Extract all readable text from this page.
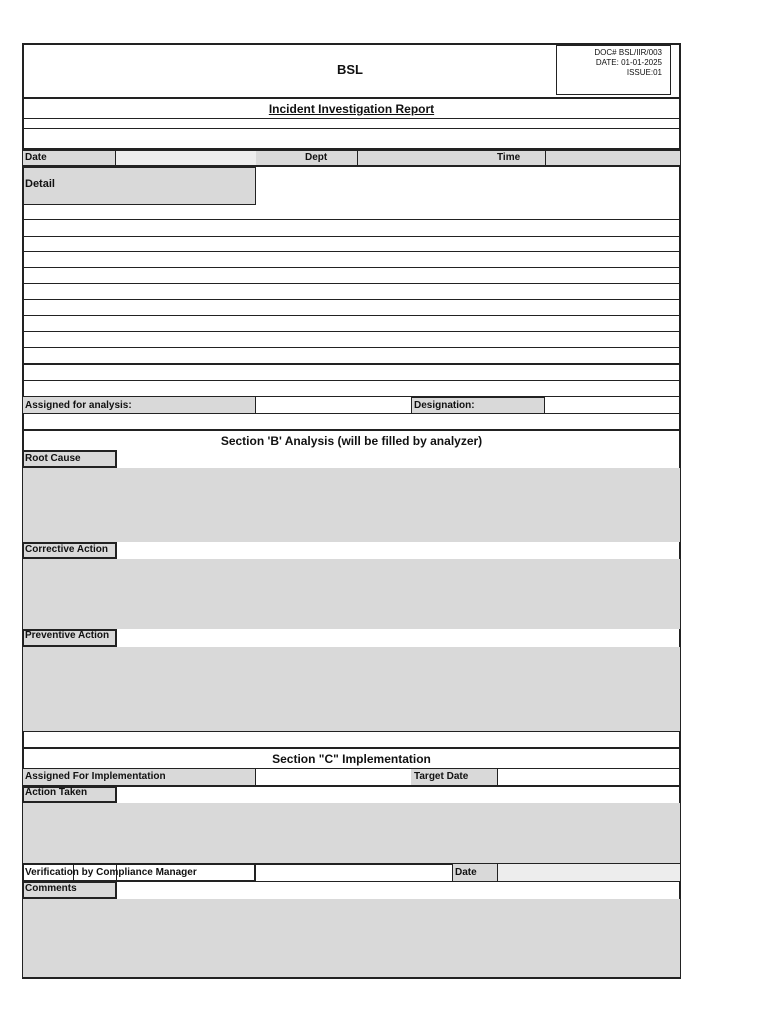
BSL
DOC# BSL/IIR/003
DATE: 01-01-2025
ISSUE:01
Incident Investigation Report
Date	Dept	Time
Detail
Assigned for analysis:	Designation:
Section 'B' Analysis (will be filled by analyzer)
Root Cause
Corrective Action
Preventive Action
Section "C" Implementation
Assigned For Implementation	Target Date
Action Taken
Verification by Compliance Manager	Date
Comments
